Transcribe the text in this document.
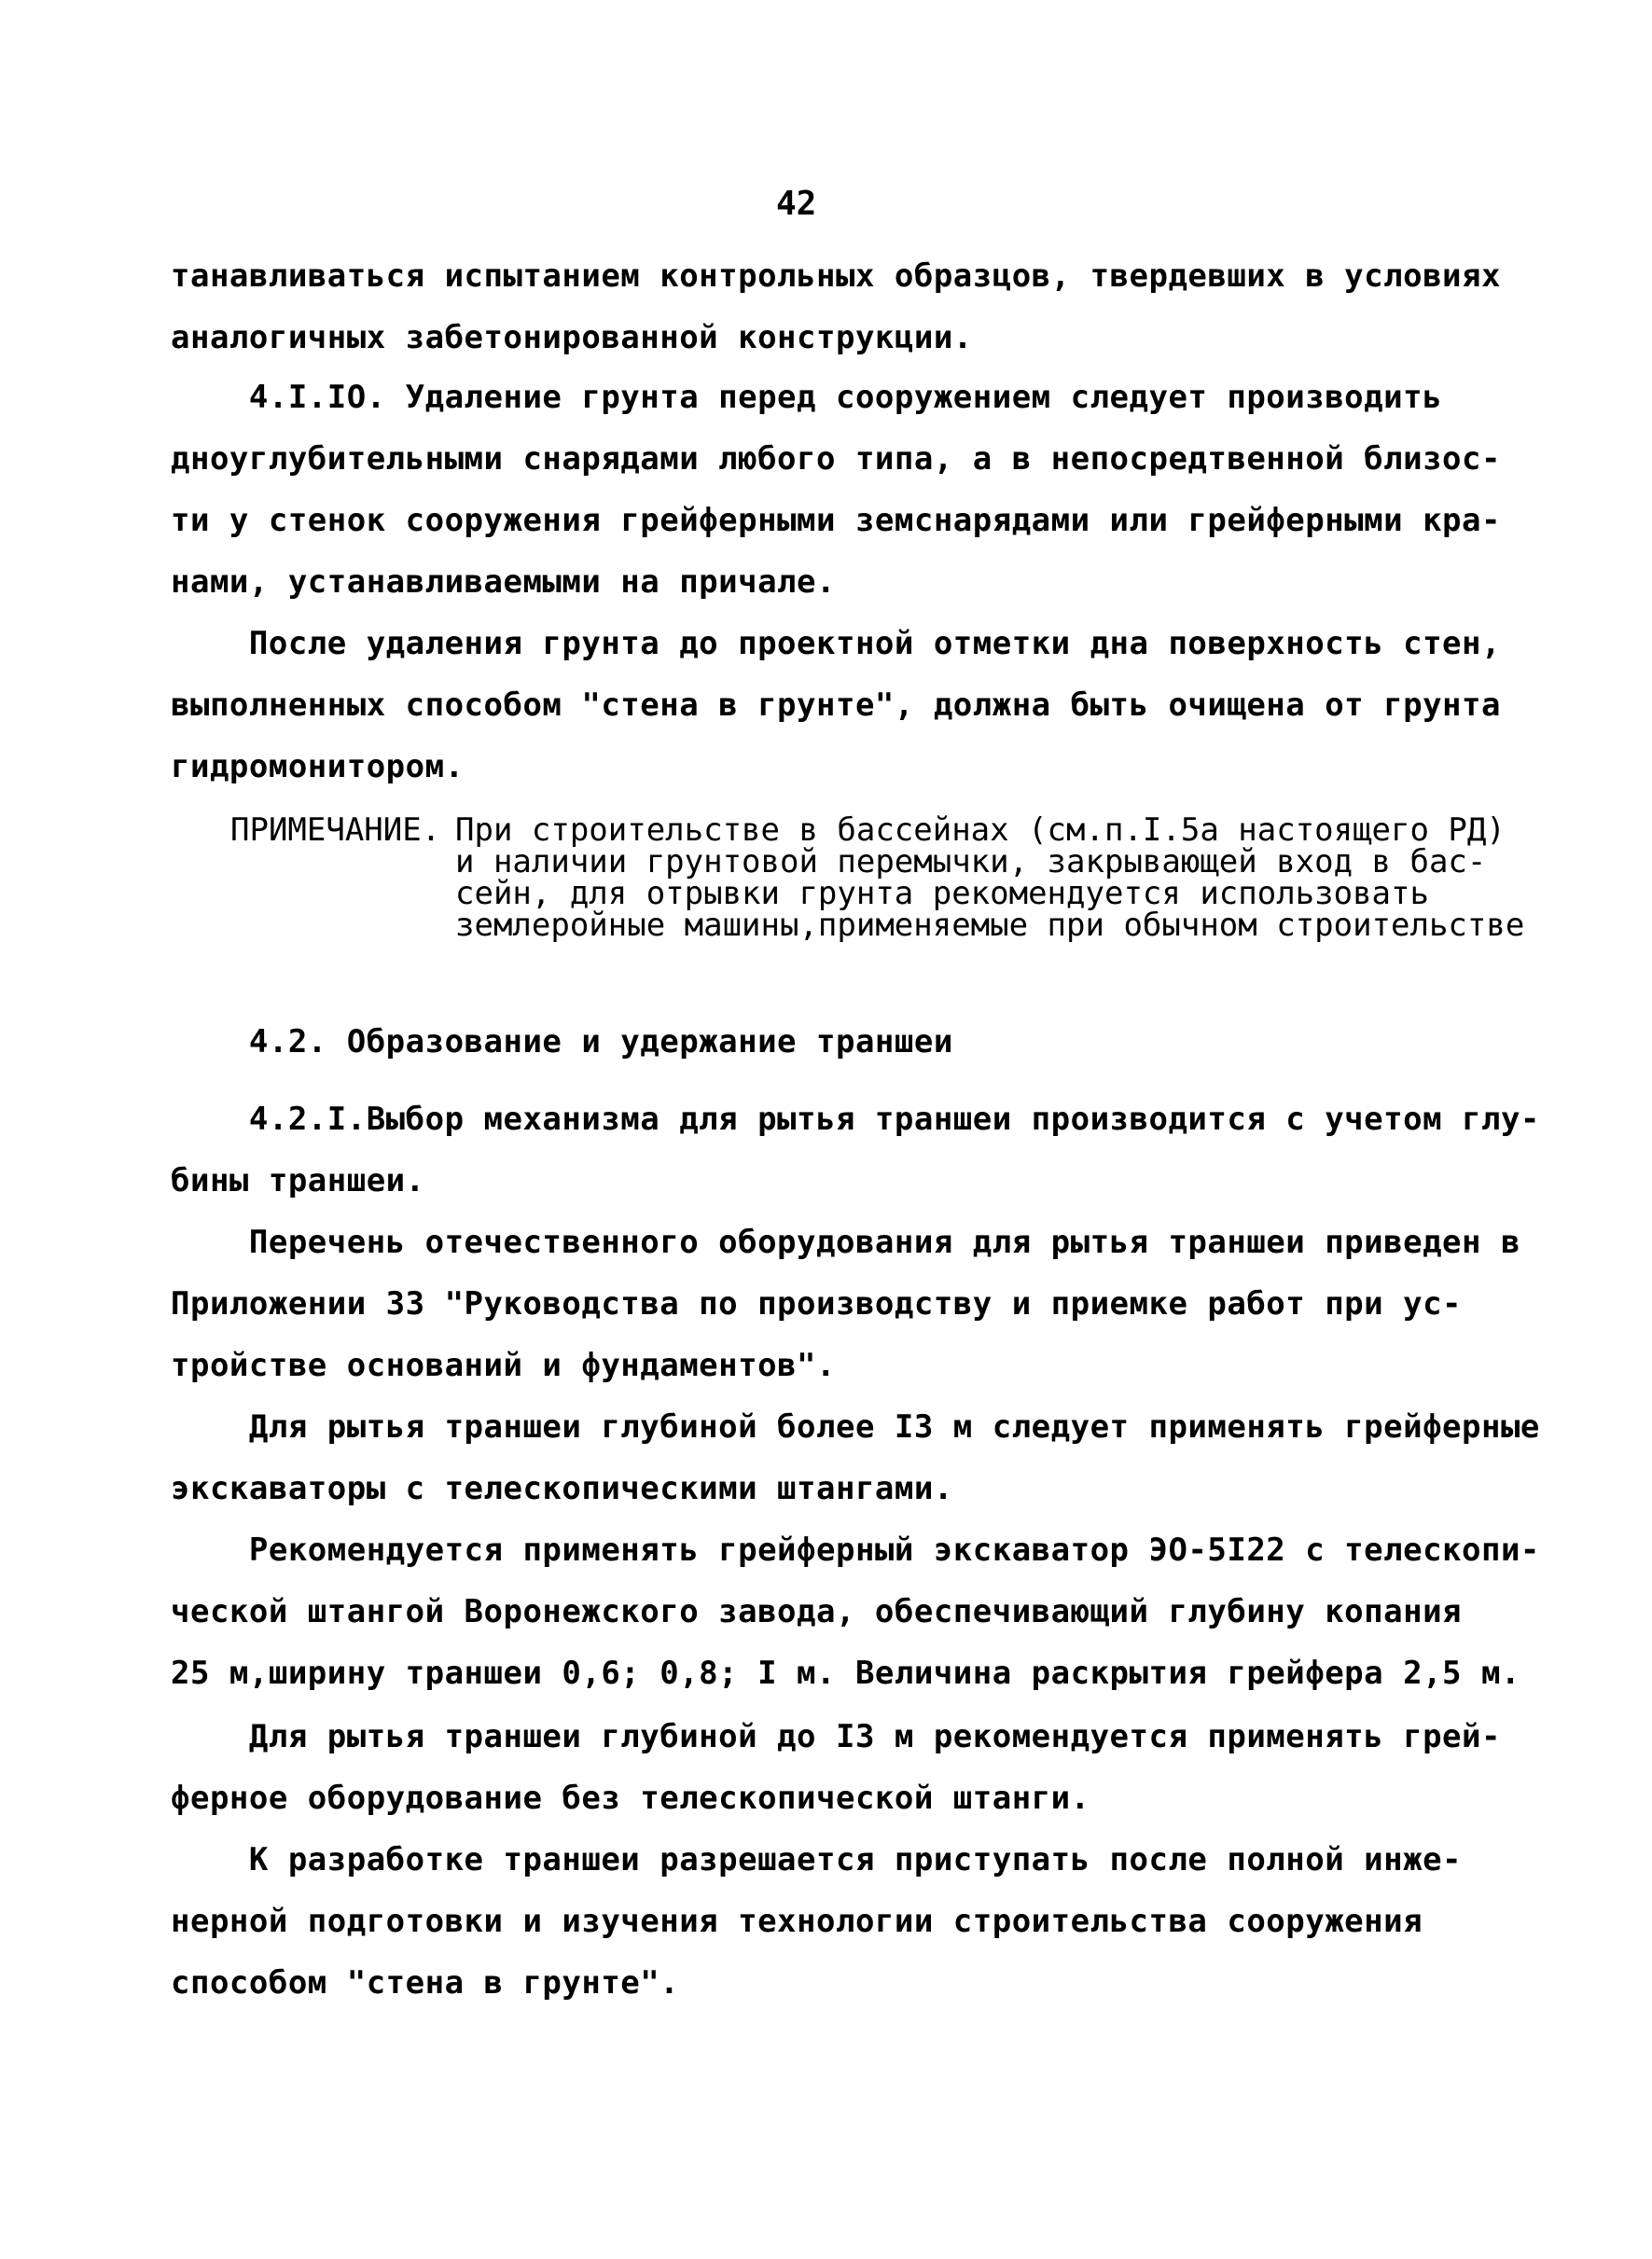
42
танавливаться испытанием контрольных образцов, твердевших в условиях
аналогичных забетонированной конструкции.
4.I.IO. Удаление грунта перед сооружением следует производить
дноуглубительными снарядами любого типа, а в непосредтвенной близос-
ти у стенок сооружения грейферными земснарядами или грейферными кра-
нами, устанавливаемыми на причале.
После удаления грунта до проектной отметки дна поверхность стен,
выполненных способом "стена в грунте", должна быть очищена от грунта
гидромонитором.
ПРИМЕЧАНИЕ. При строительстве в бассейнах (см.п.I.5а настоящего РД)
и наличии грунтовой перемычки, закрывающей вход в бас-
сейн, для отрывки грунта рекомендуется использовать
землеройные машины,применяемые при обычном строительстве
4.2. Образование и удержание траншеи
4.2.I.Выбор механизма для рытья траншеи производится с учетом глу-
бины траншеи.
Перечень отечественного оборудования для рытья траншеи приведен в
Приложении 33 "Руководства по производству и приемке работ при ус-
тройстве оснований и фундаментов".
Для рытья траншеи глубиной более I3 м следует применять грейферные
экскаваторы с телескопическими штангами.
Рекомендуется применять грейферный экскаватор ЭО-5I22 с телескопи-
ческой штангой Воронежского завода, обеспечивающий глубину копания
25 м,ширину траншеи 0,6; 0,8; I м. Величина раскрытия грейфера 2,5 м.
Для рытья траншеи глубиной до I3 м рекомендуется применять грей-
ферное оборудование без телескопической штанги.
К разработке траншеи разрешается приступать после полной инже-
нерной подготовки и изучения технологии строительства сооружения
способом "стена в грунте".
